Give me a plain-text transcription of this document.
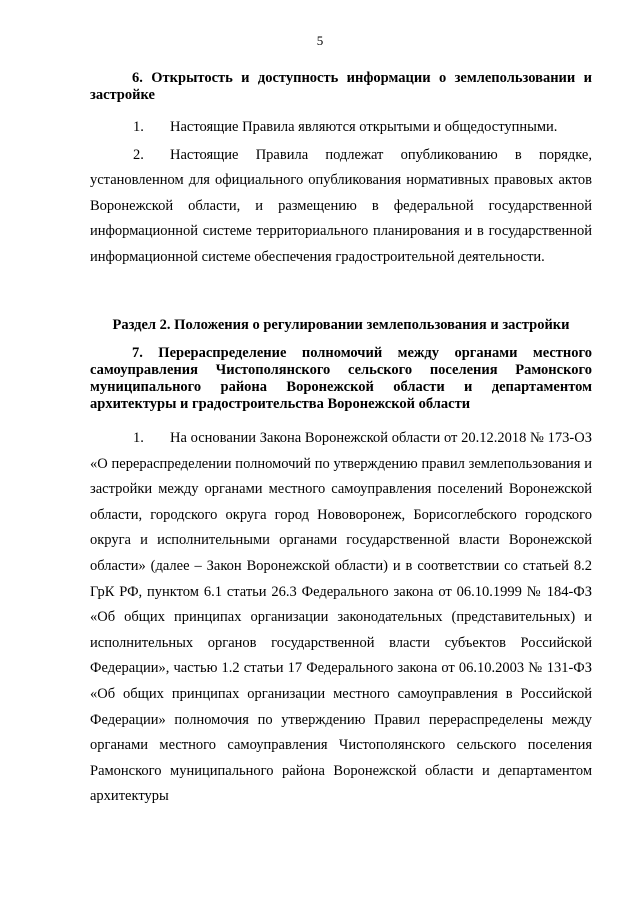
5
6. Открытость и доступность информации о землепользовании и застройке

1. Настоящие Правила являются открытыми и общедоступными.

2. Настоящие Правила подлежат опубликованию в порядке, установленном для официального опубликования нормативных правовых актов Воронежской области, и размещению в федеральной государственной информационной системе территориального планирования и в государственной информационной системе обеспечения градостроительной деятельности.

Раздел 2. Положения о регулировании землепользования и застройки
7. Перераспределение полномочий между органами местного самоуправления Чистополянского сельского поселения Рамонского муниципального района Воронежской области и департаментом архитектуры и градостроительства Воронежской области

1. На основании Закона Воронежской области от 20.12.2018 № 173-ОЗ «О перераспределении полномочий по утверждению правил землепользования и застройки между органами местного самоуправления поселений Воронежской области, городского округа город Нововоронеж, Борисоглебского городского округа и исполнительными органами государственной власти Воронежской области» (далее – Закон Воронежской области) и в соответствии со статьей 8.2 ГрК РФ, пунктом 6.1 статьи 26.3 Федерального закона от 06.10.1999 № 184-ФЗ «Об общих принципах организации законодательных (представительных) и исполнительных органов государственной власти субъектов Российской Федерации», частью 1.2 статьи 17 Федерального закона от 06.10.2003 № 131-ФЗ «Об общих принципах организации местного самоуправления в Российской Федерации» полномочия по утверждению Правил перераспределены между органами местного самоуправления Чистополянского сельского поселения Рамонского муниципального района Воронежской области и департаментом архитектуры
